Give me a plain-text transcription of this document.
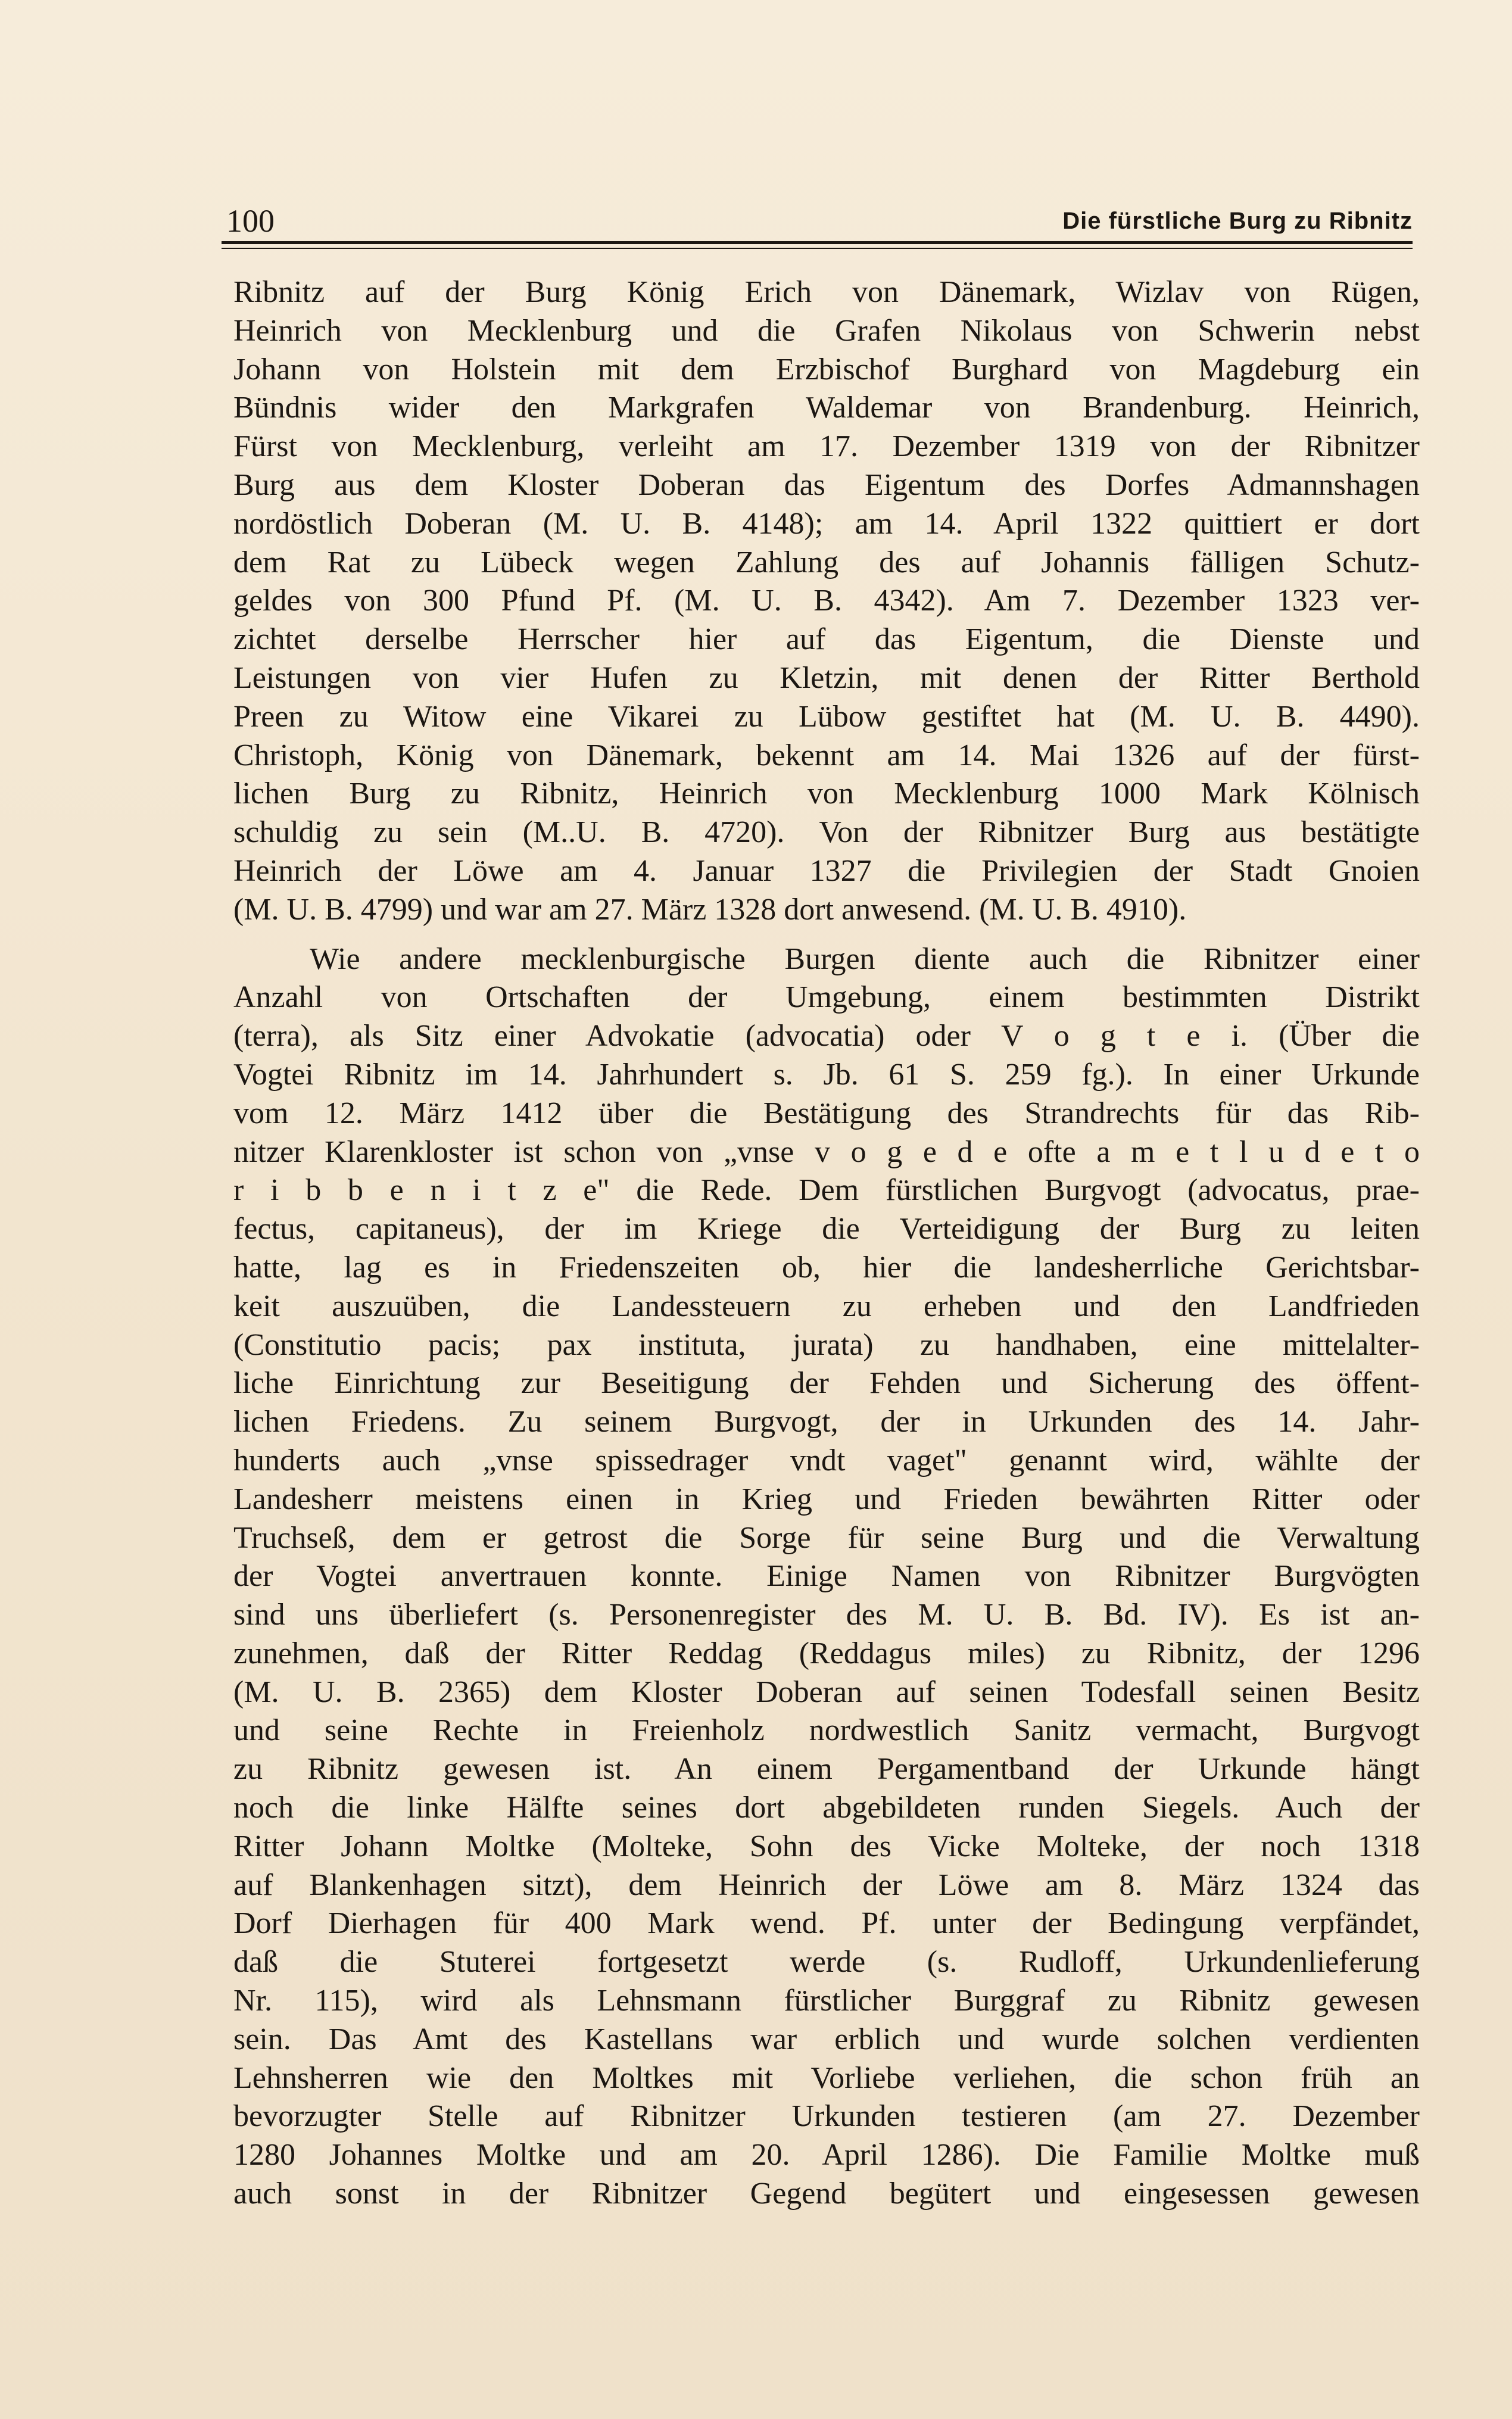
100	Die fürstliche Burg zu Ribnitz
Ribnitz auf der Burg König Erich von Dänemark, Wizlav von Rügen,
Heinrich von Mecklenburg und die Grafen Nikolaus von Schwerin nebst
Johann von Holstein mit dem Erzbischof Burghard von Magdeburg ein
Bündnis wider den Markgrafen Waldemar von Brandenburg. Heinrich,
Fürst von Mecklenburg, verleiht am 17. Dezember 1319 von der Ribnitzer
Burg aus dem Kloster Doberan das Eigentum des Dorfes Admannshagen
nordöstlich Doberan (M. U. B. 4148); am 14. April 1322 quittiert er dort
dem Rat zu Lübeck wegen Zahlung des auf Johannis fälligen Schutz-
geldes von 300 Pfund Pf. (M. U. B. 4342). Am 7. Dezember 1323 ver-
zichtet derselbe Herrscher hier auf das Eigentum, die Dienste und
Leistungen von vier Hufen zu Kletzin, mit denen der Ritter Berthold
Preen zu Witow eine Vikarei zu Lübow gestiftet hat (M. U. B. 4490).
Christoph, König von Dänemark, bekennt am 14. Mai 1326 auf der fürst-
lichen Burg zu Ribnitz, Heinrich von Mecklenburg 1000 Mark Kölnisch
schuldig zu sein (M..U. B. 4720). Von der Ribnitzer Burg aus bestätigte
Heinrich der Löwe am 4. Januar 1327 die Privilegien der Stadt Gnoien
(M. U. B. 4799) und war am 27. März 1328 dort anwesend. (M. U. B. 4910).
Wie andere mecklenburgische Burgen diente auch die Ribnitzer einer
Anzahl von Ortschaften der Umgebung, einem bestimmten Distrikt
(terra), als Sitz einer Advokatie (advocatia) oder V o g t e i. (Über die
Vogtei Ribnitz im 14. Jahrhundert s. Jb. 61 S. 259 fg.). In einer Urkunde
vom 12. März 1412 über die Bestätigung des Strandrechts für das Rib-
nitzer Klarenkloster ist schon von „vnse v o g e d e ofte a m e t l u d e t o
r i b b e n i t z e" die Rede. Dem fürstlichen Burgvogt (advocatus, prae-
fectus, capitaneus), der im Kriege die Verteidigung der Burg zu leiten
hatte, lag es in Friedenszeiten ob, hier die landesherrliche Gerichtsbar-
keit auszuüben, die Landessteuern zu erheben und den Landfrieden
(Constitutio pacis; pax instituta, jurata) zu handhaben, eine mittelalter-
liche Einrichtung zur Beseitigung der Fehden und Sicherung des öffent-
lichen Friedens. Zu seinem Burgvogt, der in Urkunden des 14. Jahr-
hunderts auch „vnse spissedrager vndt vaget" genannt wird, wählte der
Landesherr meistens einen in Krieg und Frieden bewährten Ritter oder
Truchseß, dem er getrost die Sorge für seine Burg und die Verwaltung
der Vogtei anvertrauen konnte. Einige Namen von Ribnitzer Burgvögten
sind uns überliefert (s. Personenregister des M. U. B. Bd. IV). Es ist an-
zunehmen, daß der Ritter Reddag (Reddagus miles) zu Ribnitz, der 1296
(M. U. B. 2365) dem Kloster Doberan auf seinen Todesfall seinen Besitz
und seine Rechte in Freienholz nordwestlich Sanitz vermacht, Burgvogt
zu Ribnitz gewesen ist. An einem Pergamentband der Urkunde hängt
noch die linke Hälfte seines dort abgebildeten runden Siegels. Auch der
Ritter Johann Moltke (Molteke, Sohn des Vicke Molteke, der noch 1318
auf Blankenhagen sitzt), dem Heinrich der Löwe am 8. März 1324 das
Dorf Dierhagen für 400 Mark wend. Pf. unter der Bedingung verpfändet,
daß die Stuterei fortgesetzt werde (s. Rudloff, Urkundenlieferung
Nr. 115), wird als Lehnsmann fürstlicher Burggraf zu Ribnitz gewesen
sein. Das Amt des Kastellans war erblich und wurde solchen verdienten
Lehnsherren wie den Moltkes mit Vorliebe verliehen, die schon früh an
bevorzugter Stelle auf Ribnitzer Urkunden testieren (am 27. Dezember
1280 Johannes Moltke und am 20. April 1286). Die Familie Moltke muß
auch sonst in der Ribnitzer Gegend begütert und eingesessen gewesen
